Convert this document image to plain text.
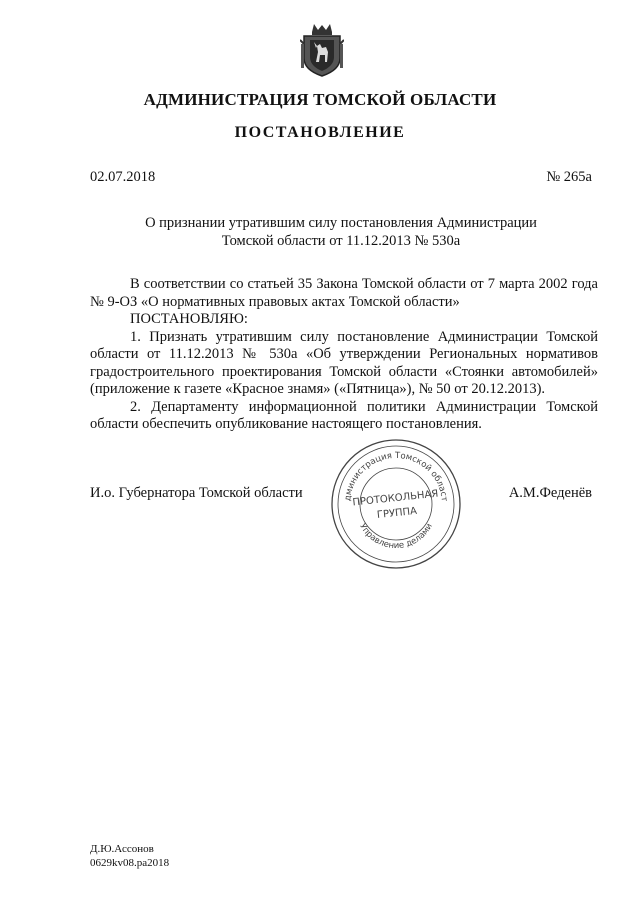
АДМИНИСТРАЦИЯ ТОМСКОЙ ОБЛАСТИ
ПОСТАНОВЛЕНИЕ
02.07.2018	№ 265а
О признании утратившим силу постановления Администрации
Томской области от 11.12.2013 № 530а

В соответствии со статьей 35 Закона Томской области от 7 марта 2002 года № 9-ОЗ «О нормативных правовых актах Томской области»

ПОСТАНОВЛЯЮ:

1. Признать утратившим силу постановление Администрации Томской области от 11.12.2013 № 530а «Об утверждении Региональных нормативов градостроительного проектирования Томской области «Стоянки автомобилей» (приложение к газете «Красное знамя» («Пятница»), № 50 от 20.12.2013).

2. Департаменту информационной политики Администрации Томской области обеспечить опубликование настоящего постановления.

И.о. Губернатора Томской области	А.М.Феденёв
дминистрация Томской област
Управление делами
ПРОТОКОЛЬНАЯ
ГРУППА
Д.Ю.Ассонов
0629kv08.pa2018
